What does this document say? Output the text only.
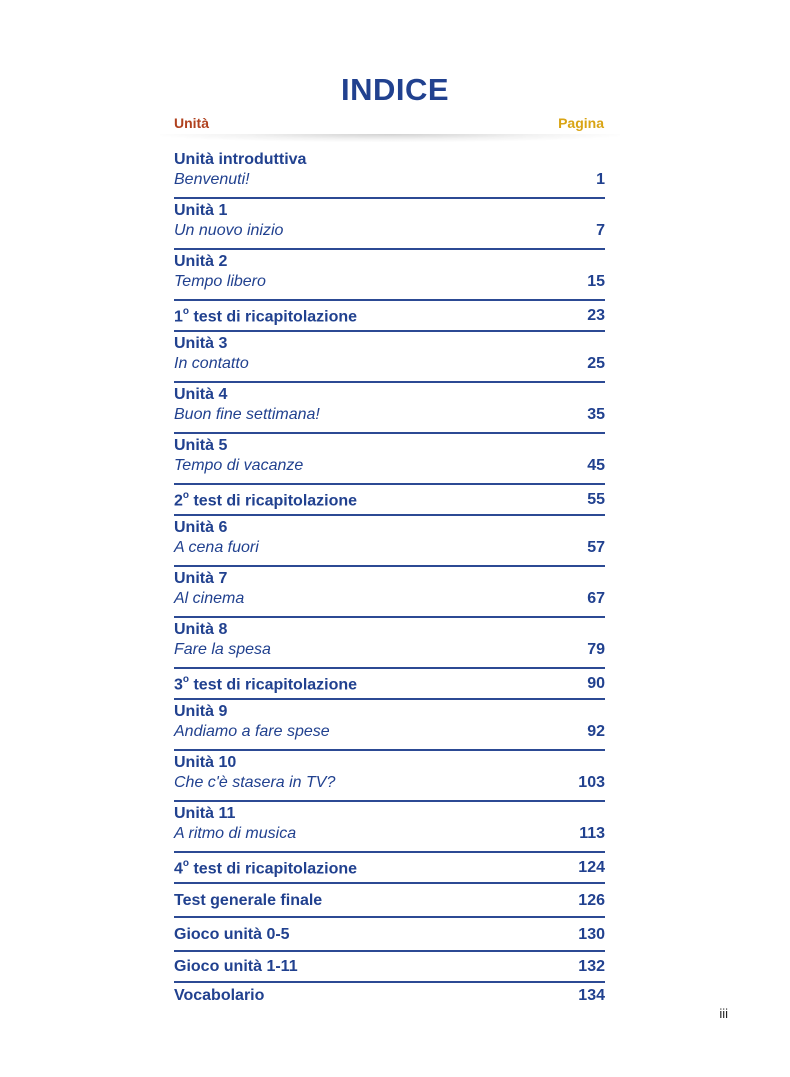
INDICE
Unità	Pagina
Unità introduttiva
Benvenuti!	1
Unità 1
Un nuovo inizio	7
Unità 2
Tempo libero	15
1$^o$ test di ricapitolazione	23
Unità 3
In contatto	25
Unità 4
Buon fine settimana!	35
Unità 5
Tempo di vacanze	45
2$^o$ test di ricapitolazione	55
Unità 6
A cena fuori	57
Unità 7
Al cinema	67
Unità 8
Fare la spesa	79
3$^o$ test di ricapitolazione	90
Unità 9
Andiamo a fare spese	92
Unità 10
Che c'è stasera in TV?	103
Unità 11
A ritmo di musica	113
4$^o$ test di ricapitolazione	124
Test generale finale	126
Gioco unità 0-5	130
Gioco unità 1-11	132
Vocabolario	134
iii
